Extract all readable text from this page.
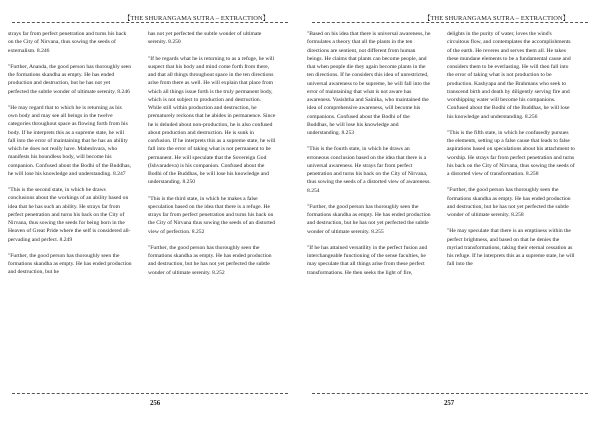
【THE SHURANGAMA SUTRA – EXTRACTION】

strays far from perfect penetration and turns his back on the City of Nirvana, thus sowing the seeds of externalism. 8.246

"Further, Ananda, the good person has thoroughly seen the formations skandha as empty. He has ended production and destruction, but he has not yet perfected the subtle wonder of ultimate serenity. 8.246

"He may regard that to which he is returning as his own body and may see all beings in the twelve categories throughout space as flowing forth from his body. If he interprets this as a supreme state, he will fall into the error of maintaining that he has an ability which he does not really have. Maheshvara, who manifests his boundless body, will become his companion. Confused about the Bodhi of the Buddhas, he will lose his knowledge and understanding. 8.247

"This is the second state, in which he draws conclusions about the workings of an ability based on idea that he has such an ability. He strays far from perfect penetration and turns his back on the City of Nirvana, thus sowing the seeds for being born in the Heaven of Great Pride where the self is considered all-pervading and perfect. 8.249

"Further, the good person has thoroughly seen the formations skandha as empty. He has ended production and destruction, but he

has not yet perfected the subtle wonder of ultimate serenity. 8.250

"If he regards what he is returning to as a refuge, he will suspect that his body and mind come forth from there, and that all things throughout space in the ten directions arise from there as well. He will explain that place from which all things issue forth is the truly permanent body, which is not subject to production and destruction. While still within production and destruction, he prematurely reckons that he abides in permanence. Since he is deluded about non-production, he is also confused about production and destruction. He is sunk in confusion. If he interprets this as a supreme state, he will fall into the error of taking what is not permanent to be permanent. He will speculate that the Sovereign God (Ishvaradeva) is his companion. Confused about the Bodhi of the Buddhas, he will lose his knowledge and understanding. 8.250

"This is the third state, in which he makes a false speculation based on the idea that there is a refuge. He strays far from perfect penetration and turns his back on the City of Nirvana thus sowing the seeds of an distorted view of perfection. 8.252

"Further, the good person has thoroughly seen the formations skandha as empty. He has ended production and destruction, but he has not yet perfected the subtle wonder of ultimate serenity. 8.252

256
【THE SHURANGAMA SUTRA – EXTRACTION】

"Based on his idea that there is universal awareness, he formulates a theory that all the plants in the ten directions are sentient, not different from human beings. He claims that plants can become people, and that when people die they again become plants in the ten directions. If he considers this idea of unrestricted, universal awareness to be supreme, he will fall into the error of maintaining that what is not aware has awareness. Vasishtha and Sainika, who maintained the idea of comprehensive awareness, will become his companions. Confused about the Bodhi of the Buddhas, he will lose his knowledge and understanding. 8.253

"This is the fourth state, in which he draws an erroneous conclusion based on the idea that there is a universal awareness. He strays far from perfect penetration and turns his back on the City of Nirvana, thus sowing the seeds of a distorted view of awareness. 8.254

"Further, the good person has thoroughly seen the formations skandha as empty. He has ended production and destruction, but he has not yet perfected the subtle wonder of ultimate serenity. 8.255

"If he has attained versatility in the perfect fusion and interchangeable functioning of the sense faculties, he may speculate that all things arise from these perfect transformations. He then seeks the light of fire,

delights in the purity of water, loves the wind's circuitous flow, and contemplates the accomplishments of the earth. He reveres and serves them all. He takes these mundane elements to be a fundamental cause and considers them to be everlasting. He will then fall into the error of taking what is not production to be production. Kashyapa and the Brahmans who seek to transcend birth and death by diligently serving fire and worshipping water will become his companions. Confused about the Bodhi of the Buddhas, he will lose his knowledge and understanding. 8.256

"This is the fifth state, in which he confusedly pursues the elements, setting up a false cause that leads to false aspirations based on speculations about his attachment to worship. He strays far from perfect penetration and turns his back on the City of Nirvana, thus sowing the seeds of a distorted view of transformation. 8.258

"Further, the good person has thoroughly seen the formations skandha as empty. He has ended production and destruction, but he has not yet perfected the subtle wonder of ultimate serenity. 8.258

"He may speculate that there is an emptiness within the perfect brightness, and based on that he denies the myriad transformations, taking their eternal cessation as his refuge. If he interprets this as a supreme state, he will fall into the

257
